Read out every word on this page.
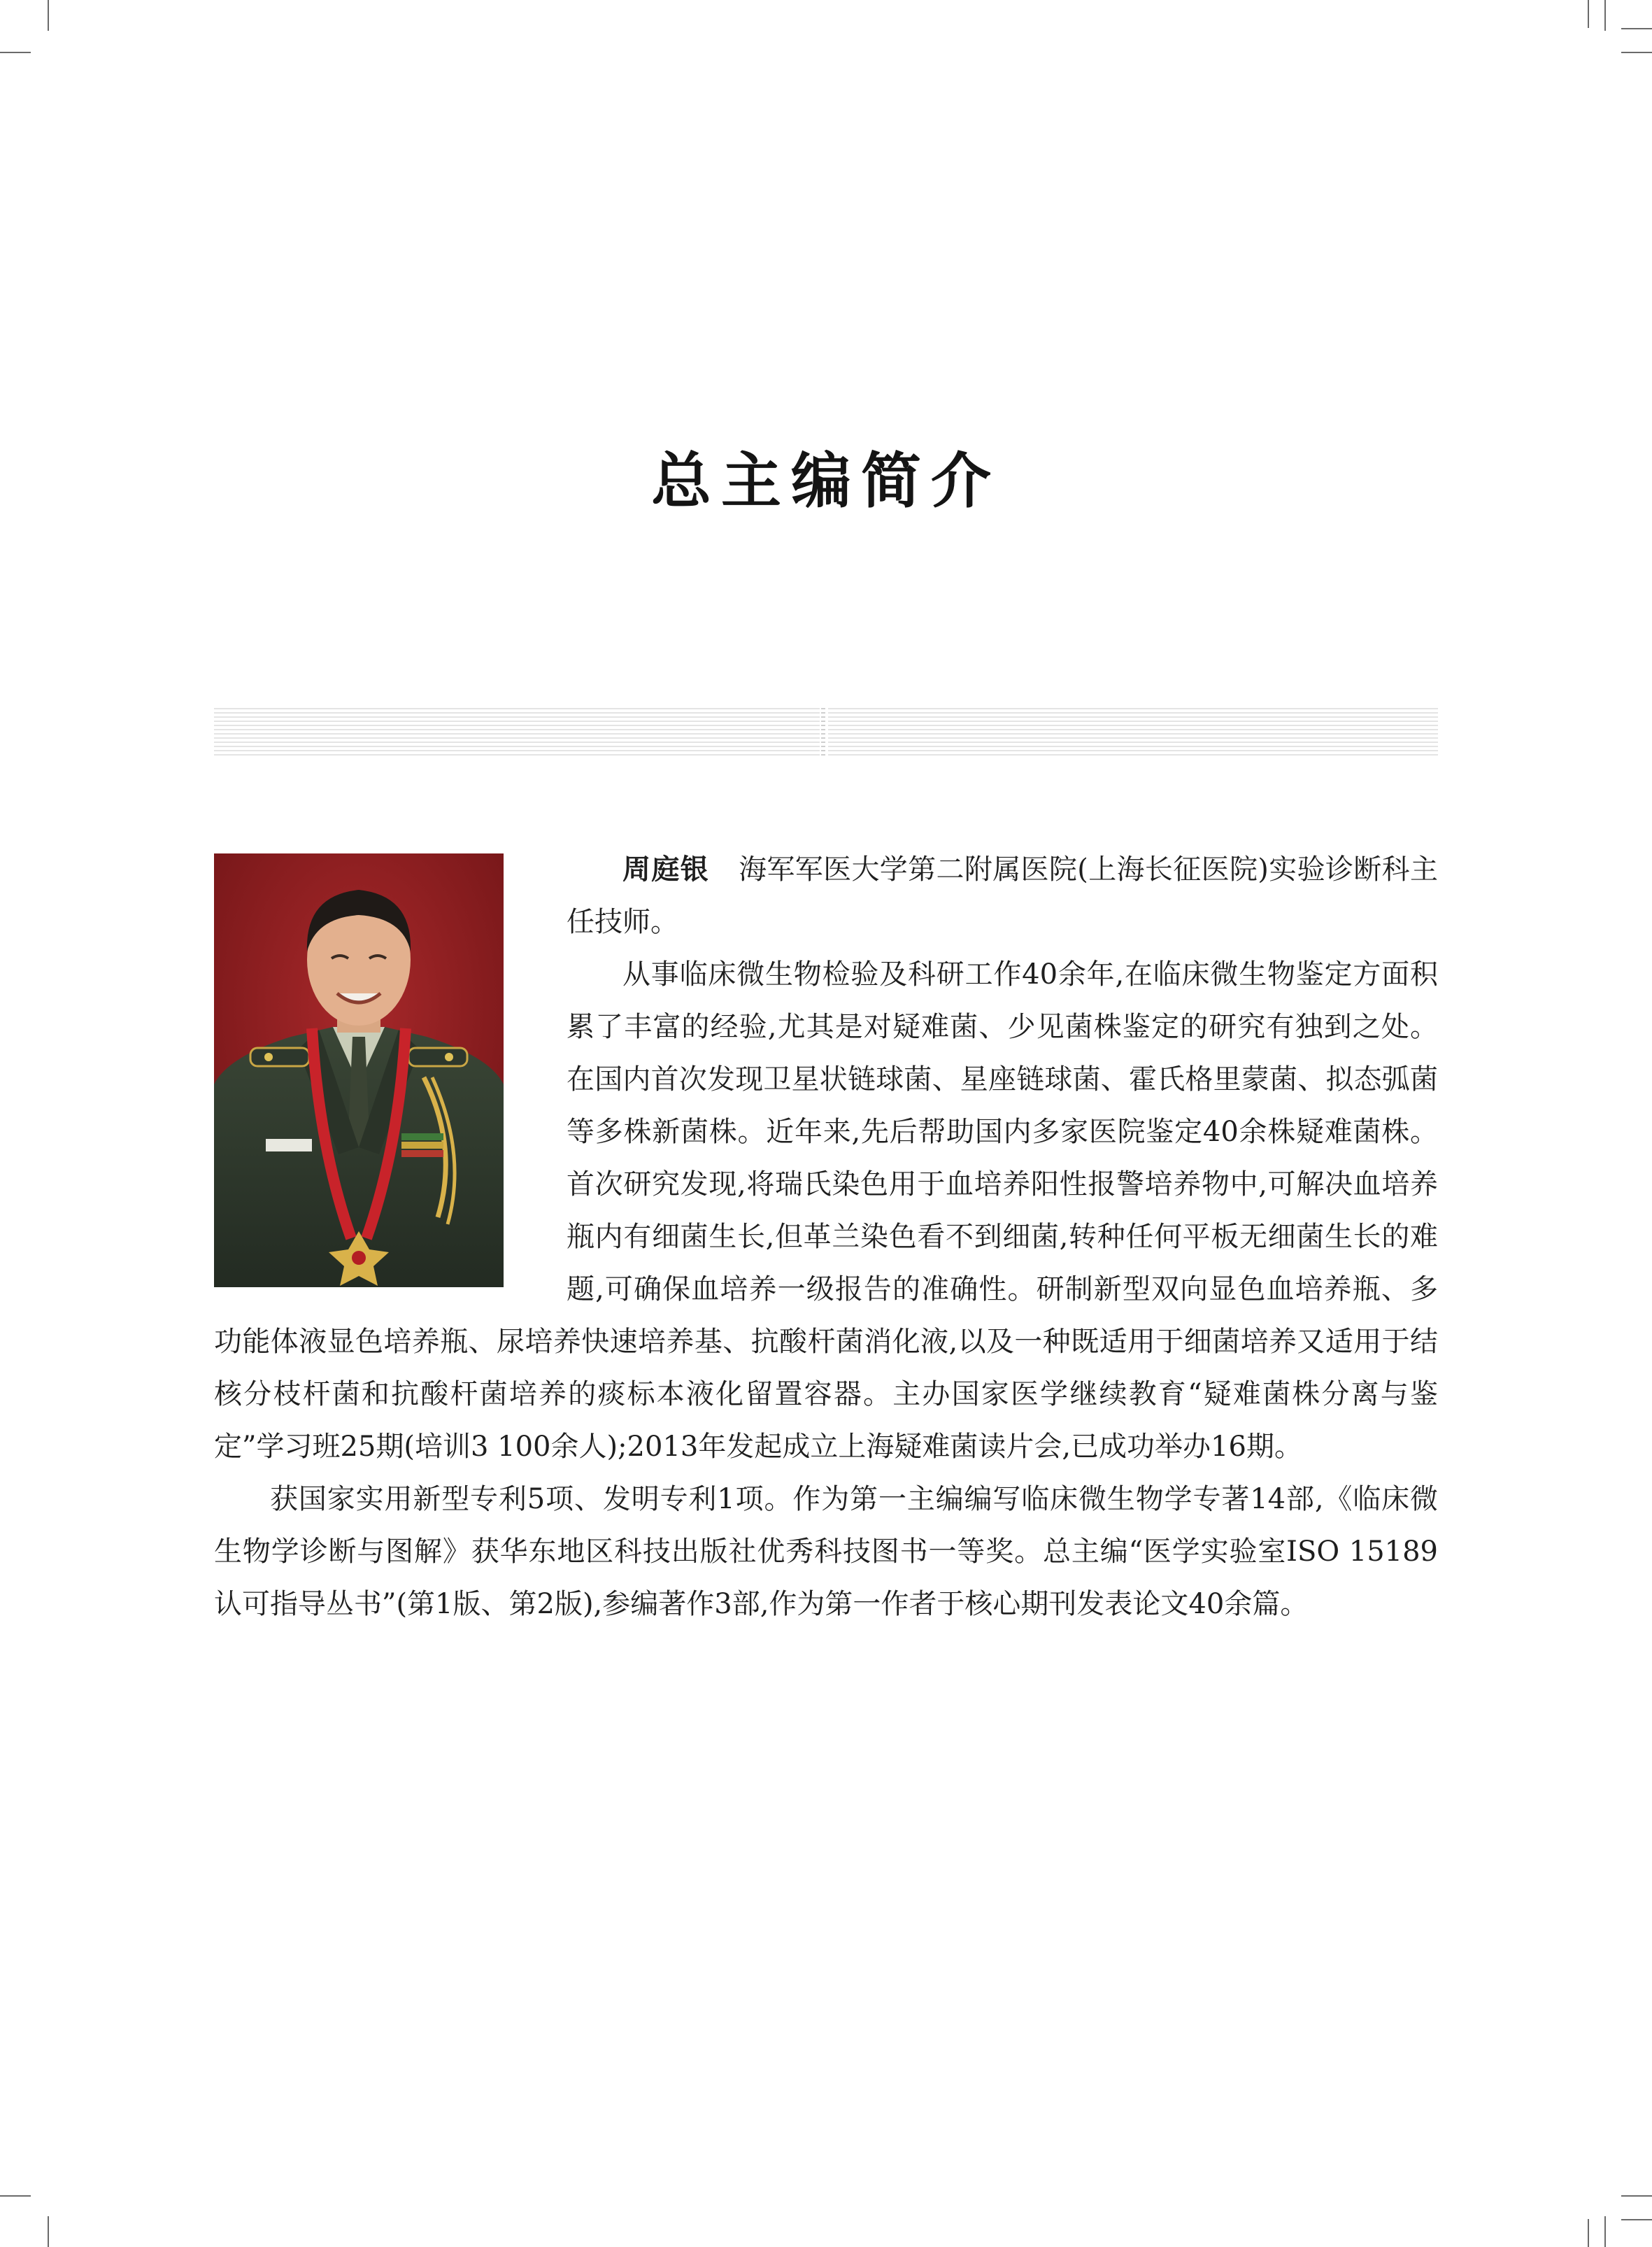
总主编简介

周庭银 海军军医大学第二附属医院(上海长征医院)实验诊断科主任技师。

从事临床微生物检验及科研工作40余年,在临床微生物鉴定方面积累了丰富的经验,尤其是对疑难菌、少见菌株鉴定的研究有独到之处。在国内首次发现卫星状链球菌、星座链球菌、霍氏格里蒙菌、拟态弧菌等多株新菌株。近年来,先后帮助国内多家医院鉴定40余株疑难菌株。首次研究发现,将瑞氏染色用于血培养阳性报警培养物中,可解决血培养瓶内有细菌生长,但革兰染色看不到细菌,转种任何平板无细菌生长的难题,可确保血培养一级报告的准确性。研制新型双向显色血培养瓶、多功能体液显色培养瓶、尿培养快速培养基、抗酸杆菌消化液,以及一种既适用于细菌培养又适用于结核分枝杆菌和抗酸杆菌培养的痰标本液化留置容器。主办国家医学继续教育“疑难菌株分离与鉴定”学习班25期(培训3 100余人);2013年发起成立上海疑难菌读片会,已成功举办16期。

获国家实用新型专利5项、发明专利1项。作为第一主编编写临床微生物学专著14部,《临床微生物学诊断与图解》获华东地区科技出版社优秀科技图书一等奖。总主编“医学实验室ISO 15189认可指导丛书”(第1版、第2版),参编著作3部,作为第一作者于核心期刊发表论文40余篇。
